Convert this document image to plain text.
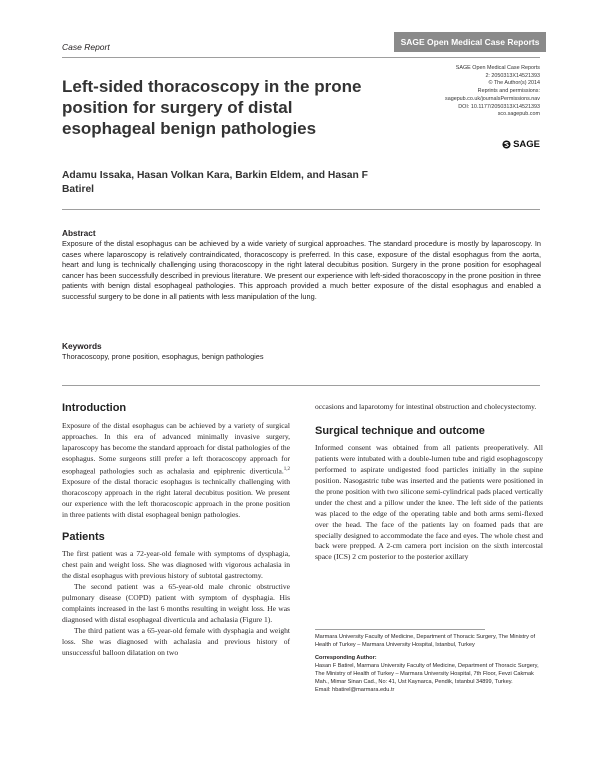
Case Report	SAGE Open Medical Case Reports
Left-sided thoracoscopy in the prone position for surgery of distal esophageal benign pathologies
SAGE Open Medical Case Reports
2: 2050313X14521393
© The Author(s) 2014
Reprints and permissions:
sagepub.co.uk/journalsPermissions.nav
DOI: 10.1177/2050313X14521393
sco.sagepub.com
SAGE
Adamu Issaka, Hasan Volkan Kara, Barkin Eldem, and Hasan F Batirel
Abstract
Exposure of the distal esophagus can be achieved by a wide variety of surgical approaches. The standard procedure is mostly by laparoscopy. In cases where laparoscopy is relatively contraindicated, thoracoscopy is preferred. In this case, exposure of the distal esophagus from the aorta, heart and lung is technically challenging using thoracoscopy in the right lateral decubitus position. Surgery in the prone position for esophageal cancer has been successfully described in previous literature. We present our experience with left-sided thoracoscopy in the prone position in three patients with benign distal esophageal pathologies. This approach provided a much better exposure of the distal esophagus and enabled a successful surgery to be done in all patients with less manipulation of the lung.
Keywords
Thoracoscopy, prone position, esophagus, benign pathologies
Introduction

Exposure of the distal esophagus can be achieved by a variety of surgical approaches. In this era of advanced minimally invasive surgery, laparoscopy has become the standard approach for distal pathologies of the esophagus. Some surgeons still prefer a left thoracoscopy approach for esophageal pathologies such as achalasia and epiphrenic diverticula.$^{1,2}$ Exposure of the distal thoracic esophagus is technically challenging with thoracoscopy approach in the right lateral decubitus position. We present our experience with the left thoracoscopic approach in the prone position in three patients with distal esophageal benign pathologies.

Patients

The first patient was a 72-year-old female with symptoms of dysphagia, chest pain and weight loss. She was diagnosed with vigorous achalasia in the distal esophagus with previous history of subtotal gastrectomy.

The second patient was a 65-year-old male chronic obstructive pulmonary disease (COPD) patient with symptom of dysphagia. His complaints increased in the last 6 months resulting in weight loss. He was diagnosed with distal esophageal diverticula and achalasia (Figure 1).

The third patient was a 65-year-old female with dysphagia and weight loss. She was diagnosed with achalasia and previous history of unsuccessful balloon dilatation on two

occasions and laparotomy for intestinal obstruction and cholecystectomy.

Surgical technique and outcome

Informed consent was obtained from all patients preoperatively. All patients were intubated with a double-lumen tube and rigid esophagoscopy performed to aspirate undigested food particles initially in the supine position. Nasogastric tube was inserted and the patients were positioned in the prone position with two silicone semi-cylindrical pads placed vertically under the chest and a pillow under the knee. The left side of the patients was placed to the edge of the operating table and both arms semi-flexed over the head. The face of the patients lay on foamed pads that are specially designed to accommodate the face and eyes. The whole chest and back were prepped. A 2-cm camera port incision on the sixth intercostal space (ICS) 2 cm posterior to the posterior axillary

Marmara University Faculty of Medicine, Department of Thoracic Surgery, The Ministry of Health of Turkey – Marmara University Hospital, Istanbul, Turkey

Corresponding Author:

Hasan F Batirel, Marmara University Faculty of Medicine, Department of Thoracic Surgery, The Ministry of Health of Turkey – Marmara University Hospital, 7th Floor, Fevzi Cakmak Mah., Mimar Sinan Cad., No: 41, Ust Kaynarca, Pendik, Istanbul 34899, Turkey.

Email: hbatirel@marmara.edu.tr
